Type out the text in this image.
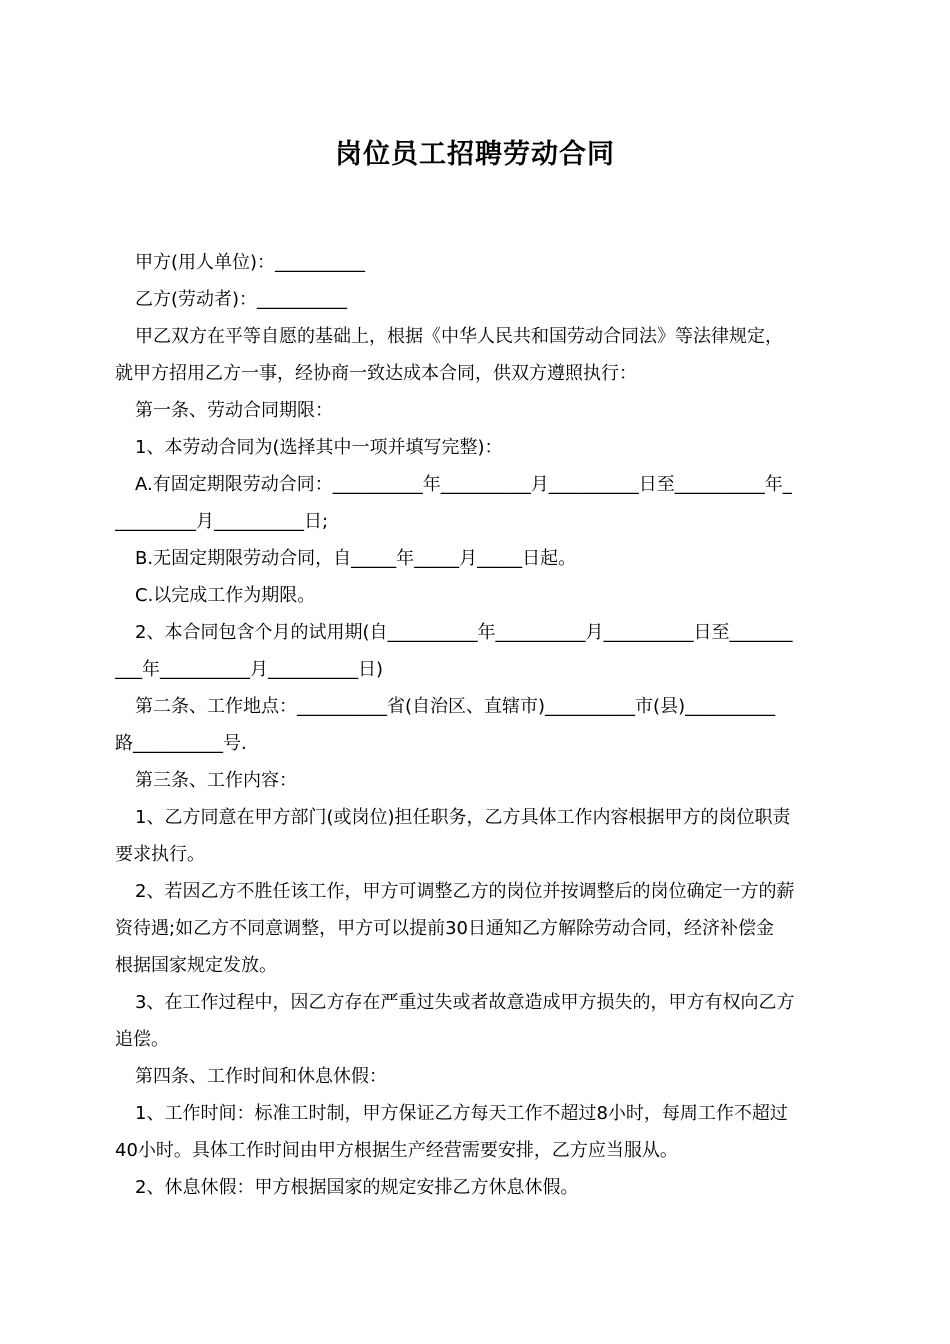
岗位员工招聘劳动合同
甲方(用人单位)：__________
乙方(劳动者)：__________
甲乙双方在平等自愿的基础上，根据《中华人民共和国劳动合同法》等法律规定，
就甲方招用乙方一事，经协商一致达成本合同，供双方遵照执行：
第一条、劳动合同期限：
1、本劳动合同为(选择其中一项并填写完整)：
A.有固定期限劳动合同：__________年__________月__________日至__________年_
_________月__________日;
B.无固定期限劳动合同，自_____年_____月_____日起。
C.以完成工作为期限。
2、本合同包含个月的试用期(自__________年__________月__________日至_______
___年__________月__________日)
第二条、工作地点：__________省(自治区、直辖市)__________市(县)__________
路__________号.
第三条、工作内容：
1、乙方同意在甲方部门(或岗位)担任职务，乙方具体工作内容根据甲方的岗位职责
要求执行。
2、若因乙方不胜任该工作，甲方可调整乙方的岗位并按调整后的岗位确定一方的薪
资待遇;如乙方不同意调整，甲方可以提前30日通知乙方解除劳动合同，经济补偿金
根据国家规定发放。
3、在工作过程中，因乙方存在严重过失或者故意造成甲方损失的，甲方有权向乙方
追偿。
第四条、工作时间和休息休假：
1、工作时间：标准工时制，甲方保证乙方每天工作不超过8小时，每周工作不超过
40小时。具体工作时间由甲方根据生产经营需要安排，乙方应当服从。
2、休息休假：甲方根据国家的规定安排乙方休息休假。
